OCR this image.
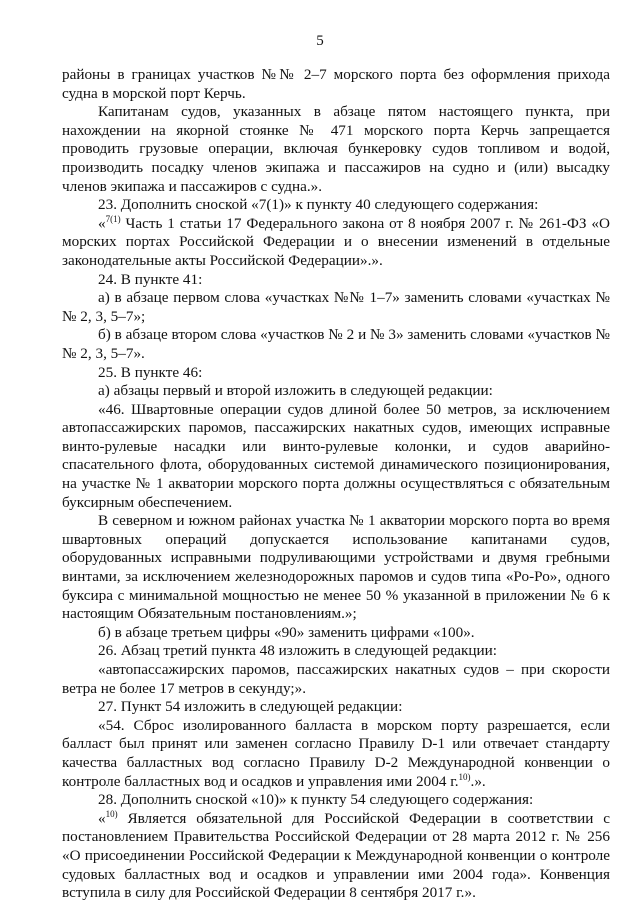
5

районы в границах участков №№ 2–7 морского порта без оформления прихода судна в морской порт Керчь.

Капитанам судов, указанных в абзаце пятом настоящего пункта, при нахождении на якорной стоянке № 471 морского порта Керчь запрещается проводить грузовые операции, включая бункеровку судов топливом и водой, производить посадку членов экипажа и пассажиров на судно и (или) высадку членов экипажа и пассажиров с судна.».

23. Дополнить сноской «7(1)» к пункту 40 следующего содержания:

«$^{7(1)}$ Часть 1 статьи 17 Федерального закона от 8 ноября 2007 г. № 261-ФЗ «О морских портах Российской Федерации и о внесении изменений в отдельные законодательные акты Российской Федерации».».

24. В пункте 41:

а) в абзаце первом слова «участках №№ 1–7» заменить словами «участках №№ 2, 3, 5–7»;

б) в абзаце втором слова «участков № 2 и № 3» заменить словами «участков №№ 2, 3, 5–7».

25. В пункте 46:

а) абзацы первый и второй изложить в следующей редакции:

«46. Швартовные операции судов длиной более 50 метров, за исключением автопассажирских паромов, пассажирских накатных судов, имеющих исправные винто-рулевые насадки или винто-рулевые колонки, и судов аварийно-спасательного флота, оборудованных системой динамического позиционирования, на участке № 1 акватории морского порта должны осуществляться с обязательным буксирным обеспечением.

В северном и южном районах участка № 1 акватории морского порта во время швартовных операций допускается использование капитанами судов, оборудованных исправными подруливающими устройствами и двумя гребными винтами, за исключением железнодорожных паромов и судов типа «Ро-Ро», одного буксира с минимальной мощностью не менее 50 % указанной в приложении № 6 к настоящим Обязательным постановлениям.»;

б) в абзаце третьем цифры «90» заменить цифрами «100».

26. Абзац третий пункта 48 изложить в следующей редакции:

«автопассажирских паромов, пассажирских накатных судов – при скорости ветра не более 17 метров в секунду;».

27. Пункт 54 изложить в следующей редакции:

«54. Сброс изолированного балласта в морском порту разрешается, если балласт был принят или заменен согласно Правилу D-1 или отвечает стандарту качества балластных вод согласно Правилу D-2 Международной конвенции о контроле балластных вод и осадков и управления ими 2004 г.$^{10)}$.».

28. Дополнить сноской «10)» к пункту 54 следующего содержания:

«$^{10)}$ Является обязательной для Российской Федерации в соответствии с постановлением Правительства Российской Федерации от 28 марта 2012 г. № 256 «О присоединении Российской Федерации к Международной конвенции о контроле судовых балластных вод и осадков и управлении ими 2004 года». Конвенция вступила в силу для Российской Федерации 8 сентября 2017 г.».
